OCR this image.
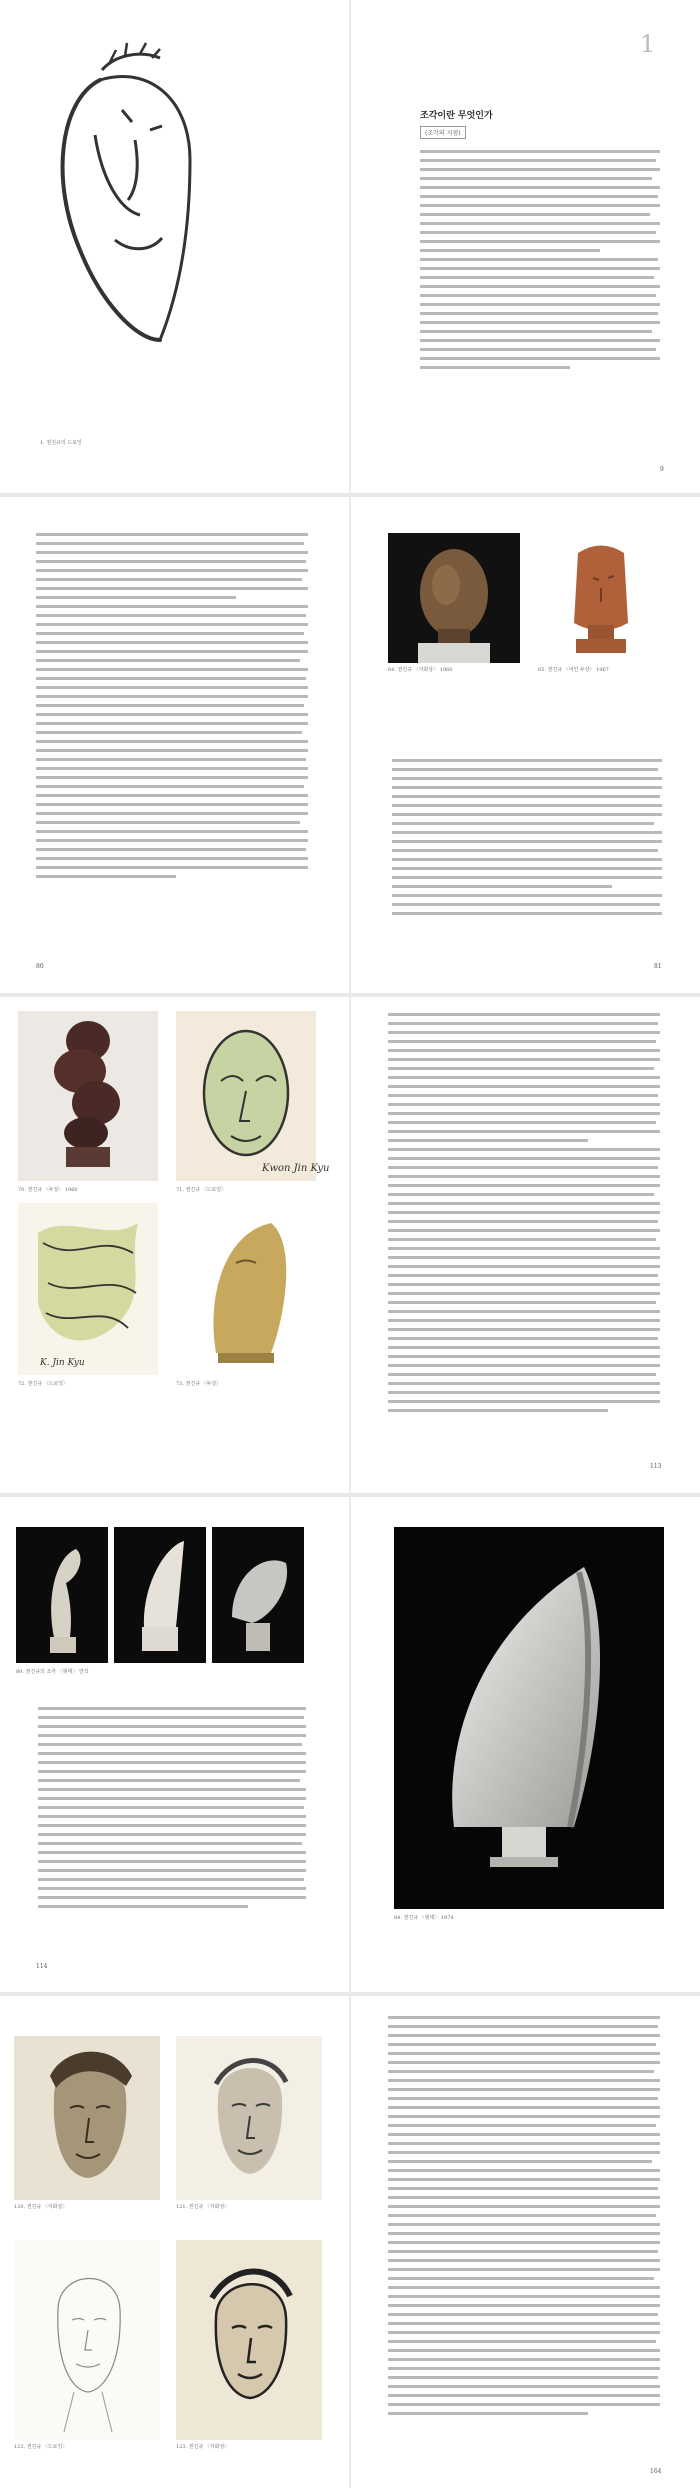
1. 권진규의 드로잉
1
조각이란 무엇인가
(조각의 지점)
9
80
64. 권진규 〈자화상〉 1960	65. 권진규 〈여인 두상〉 1967
81
Kwon Jin Kyu
70. 권진규 〈두상〉 1960	71. 권진규 〈드로잉〉
K. Jin Kyu
72. 권진규 〈드로잉〉	73. 권진규 〈두상〉
113
80. 권진규의 조각 〈형태〉 연작
114
84. 권진규 〈형태〉 1974
120. 권진규 〈자화상〉	121. 권진규 〈자화상〉
122. 권진규 〈드로잉〉	123. 권진규 〈자화상〉
164
